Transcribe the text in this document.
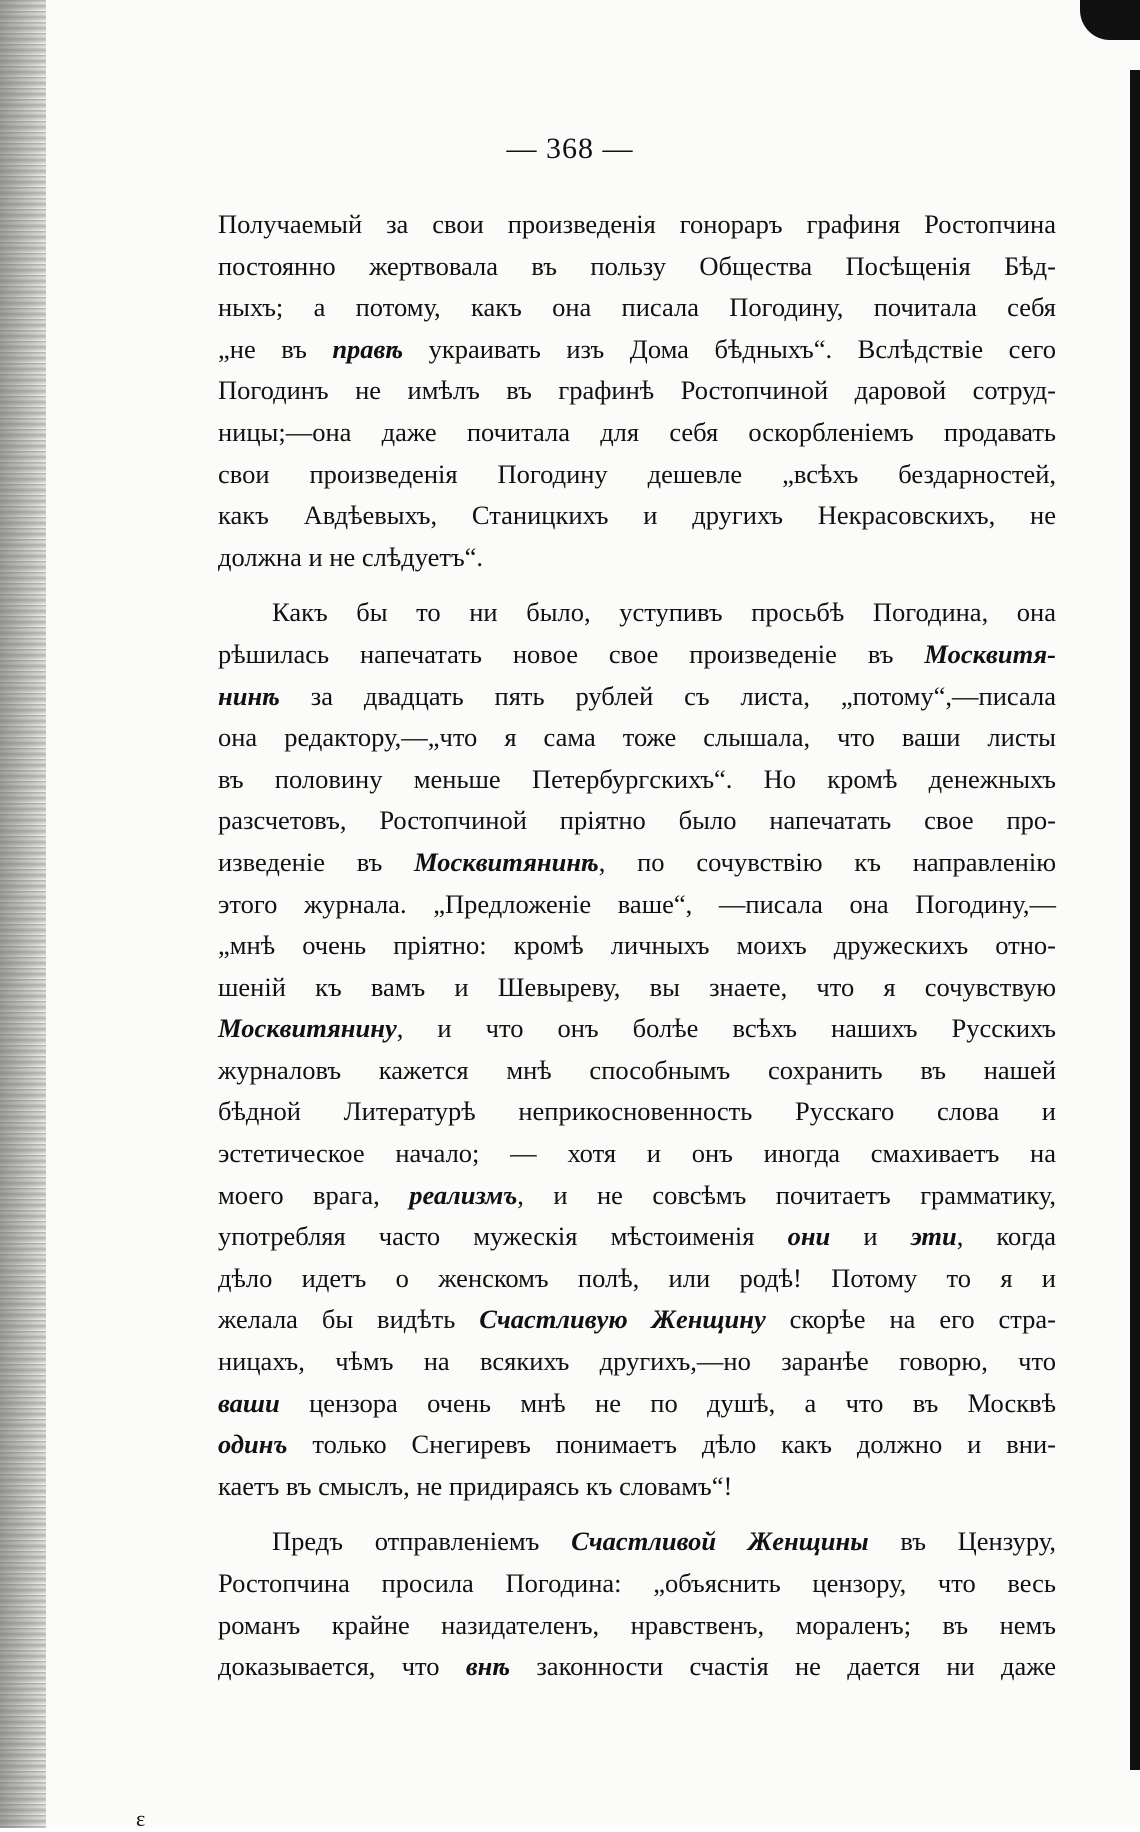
— 368 —
Получаемый за свои произведенія гонораръ графиня Ростопчина
постоянно жертвовала въ пользу Общества Посѣщенія Бѣд-
ныхъ; а потому, какъ она писала Погодину, почитала себя
„не въ правѣ украивать изъ Дома бѣдныхъ“. Вслѣдствіе сего
Погодинъ не имѣлъ въ графинѣ Ростопчиной даровой сотруд-
ницы;—она даже почитала для себя оскорбленіемъ продавать
свои произведенія Погодину дешевле „всѣхъ бездарностей,
какъ Авдѣевыхъ, Станицкихъ и другихъ Некрасовскихъ, не
должна и не слѣдуетъ“.
Какъ бы то ни было, уступивъ просьбѣ Погодина, она
рѣшилась напечатать новое свое произведеніе въ Москвитя-
нинѣ за двадцать пять рублей съ листа, „потому“,—писала
она редактору,—„что я сама тоже слышала, что ваши листы
въ половину меньше Петербургскихъ“. Но кромѣ денежныхъ
разсчетовъ, Ростопчиной пріятно было напечатать свое про-
изведеніе въ Москвитянинѣ, по сочувствію къ направленію
этого журнала. „Предложеніе ваше“, —писала она Погодину,—
„мнѣ очень пріятно: кромѣ личныхъ моихъ дружескихъ отно-
шеній къ вамъ и Шевыреву, вы знаете, что я сочувствую
Москвитянину, и что онъ болѣе всѣхъ нашихъ Русскихъ
журналовъ кажется мнѣ способнымъ сохранить въ нашей
бѣдной Литературѣ неприкосновенность Русскаго слова и
эстетическое начало; — хотя и онъ иногда смахиваетъ на
моего врага, реализмъ, и не совсѣмъ почитаетъ грамматику,
употребляя часто мужескія мѣстоименія они и эти, когда
дѣло идетъ о женскомъ полѣ, или родѣ! Потому то я и
желала бы видѣть Счастливую Женщину скорѣе на его стра-
ницахъ, чѣмъ на всякихъ другихъ,—но заранѣе говорю, что
ваши цензора очень мнѣ не по душѣ, а что въ Москвѣ
одинъ только Снегиревъ понимаетъ дѣло какъ должно и вни-
каетъ въ смыслъ, не придираясь къ словамъ“!
Предъ отправленіемъ Счастливой Женщины въ Цензуру,
Ростопчина просила Погодина: „объяснить цензору, что весь
романъ крайне назидателенъ, нравственъ, мораленъ; въ немъ
доказывается, что внѣ законности счастія не дается ни даже
ɛ
